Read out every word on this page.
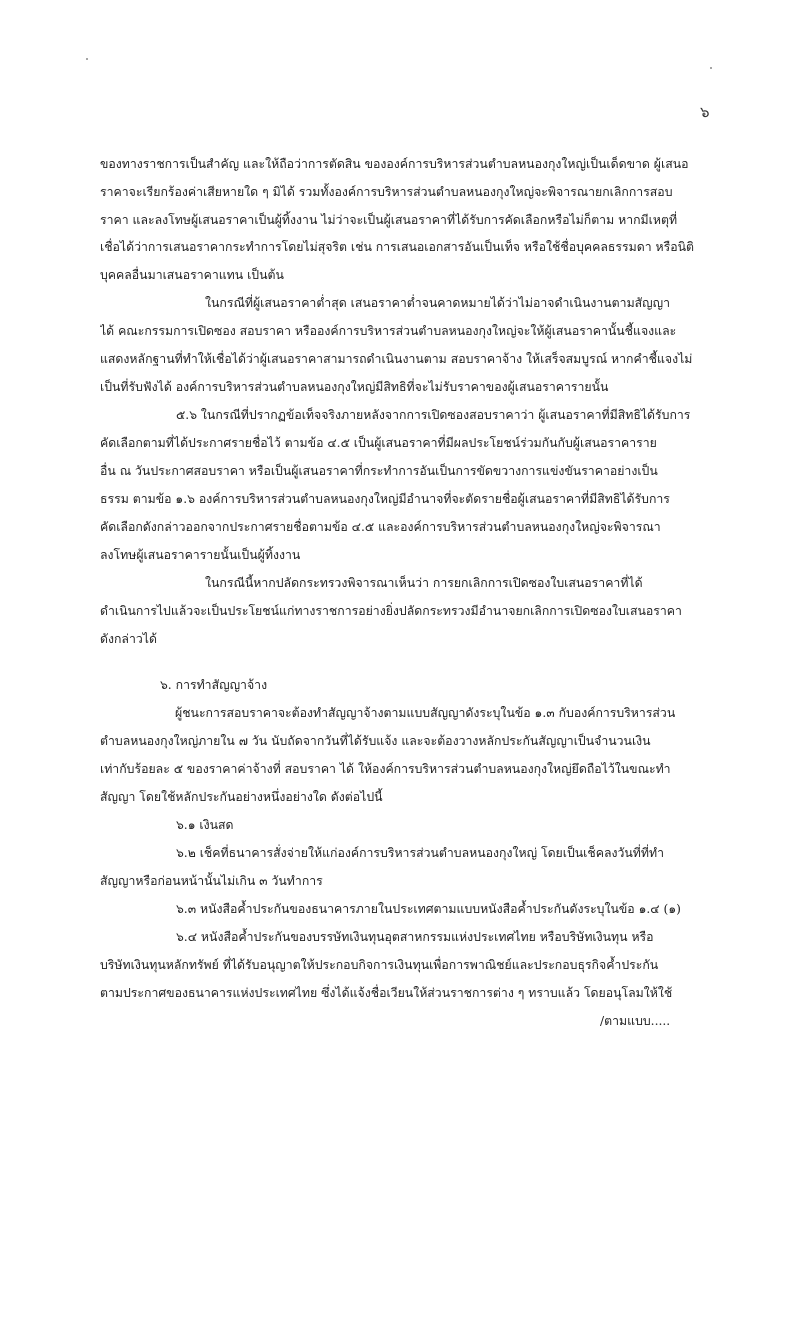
๖
ของทางราชการเป็นสำคัญ และให้ถือว่าการตัดสิน ขององค์การบริหารส่วนตำบลหนองกุงใหญ่เป็นเด็ดขาด ผู้เสนอ
ราคาจะเรียกร้องค่าเสียหายใด ๆ มิได้ รวมทั้งองค์การบริหารส่วนตำบลหนองกุงใหญ่จะพิจารณายกเลิกการสอบ
ราคา และลงโทษผู้เสนอราคาเป็นผู้ทิ้งงาน ไม่ว่าจะเป็นผู้เสนอราคาที่ได้รับการคัดเลือกหรือไม่ก็ตาม หากมีเหตุที่
เชื่อได้ว่าการเสนอราคากระทำการโดยไม่สุจริต เช่น การเสนอเอกสารอันเป็นเท็จ หรือใช้ชื่อบุคคลธรรมดา หรือนิติ
บุคคลอื่นมาเสนอราคาแทน เป็นต้น
ในกรณีที่ผู้เสนอราคาต่ำสุด เสนอราคาต่ำจนคาดหมายได้ว่าไม่อาจดำเนินงานตามสัญญา
ได้ คณะกรรมการเปิดซอง สอบราคา หรือองค์การบริหารส่วนตำบลหนองกุงใหญ่จะให้ผู้เสนอราคานั้นชี้แจงและ
แสดงหลักฐานที่ทำให้เชื่อได้ว่าผู้เสนอราคาสามารถดำเนินงานตาม สอบราคาจ้าง ให้เสร็จสมบูรณ์ หากคำชี้แจงไม่
เป็นที่รับฟังได้ องค์การบริหารส่วนตำบลหนองกุงใหญ่มีสิทธิที่จะไม่รับราคาของผู้เสนอราคารายนั้น
๕.๖ ในกรณีที่ปรากฏข้อเท็จจริงภายหลังจากการเปิดซองสอบราคาว่า ผู้เสนอราคาที่มีสิทธิได้รับการ
คัดเลือกตามที่ได้ประกาศรายชื่อไว้ ตามข้อ ๔.๕ เป็นผู้เสนอราคาที่มีผลประโยชน์ร่วมกันกับผู้เสนอราคาราย
อื่น ณ วันประกาศสอบราคา หรือเป็นผู้เสนอราคาที่กระทำการอันเป็นการขัดขวางการแข่งขันราคาอย่างเป็น
ธรรม ตามข้อ ๑.๖ องค์การบริหารส่วนตำบลหนองกุงใหญ่มีอำนาจที่จะตัดรายชื่อผู้เสนอราคาที่มีสิทธิได้รับการ
คัดเลือกดังกล่าวออกจากประกาศรายชื่อตามข้อ ๔.๕ และองค์การบริหารส่วนตำบลหนองกุงใหญ่จะพิจารณา
ลงโทษผู้เสนอราคารายนั้นเป็นผู้ทิ้งงาน
ในกรณีนี้หากปลัดกระทรวงพิจารณาเห็นว่า การยกเลิกการเปิดซองใบเสนอราคาที่ได้
ดำเนินการไปแล้วจะเป็นประโยชน์แก่ทางราชการอย่างยิ่งปลัดกระทรวงมีอำนาจยกเลิกการเปิดซองใบเสนอราคา
ดังกล่าวได้
๖. การทำสัญญาจ้าง
ผู้ชนะการสอบราคาจะต้องทำสัญญาจ้างตามแบบสัญญาดังระบุในข้อ ๑.๓ กับองค์การบริหารส่วน
ตำบลหนองกุงใหญ่ภายใน ๗ วัน นับถัดจากวันที่ได้รับแจ้ง และจะต้องวางหลักประกันสัญญาเป็นจำนวนเงิน
เท่ากับร้อยละ ๕ ของราคาค่าจ้างที่ สอบราคา ได้ ให้องค์การบริหารส่วนตำบลหนองกุงใหญ่ยึดถือไว้ในขณะทำ
สัญญา โดยใช้หลักประกันอย่างหนึ่งอย่างใด ดังต่อไปนี้
๖.๑ เงินสด
๖.๒ เช็คที่ธนาคารสั่งจ่ายให้แก่องค์การบริหารส่วนตำบลหนองกุงใหญ่ โดยเป็นเช็คลงวันที่ที่ทำ
สัญญาหรือก่อนหน้านั้นไม่เกิน ๓ วันทำการ
๖.๓ หนังสือค้ำประกันของธนาคารภายในประเทศตามแบบหนังสือค้ำประกันดังระบุในข้อ ๑.๔ (๑)
๖.๔ หนังสือค้ำประกันของบรรษัทเงินทุนอุตสาหกรรมแห่งประเทศไทย หรือบริษัทเงินทุน หรือ
บริษัทเงินทุนหลักทรัพย์ ที่ได้รับอนุญาตให้ประกอบกิจการเงินทุนเพื่อการพาณิชย์และประกอบธุรกิจค้ำประกัน
ตามประกาศของธนาคารแห่งประเทศไทย ซึ่งได้แจ้งชื่อเวียนให้ส่วนราชการต่าง ๆ ทราบแล้ว โดยอนุโลมให้ใช้
/ตามแบบ.....
